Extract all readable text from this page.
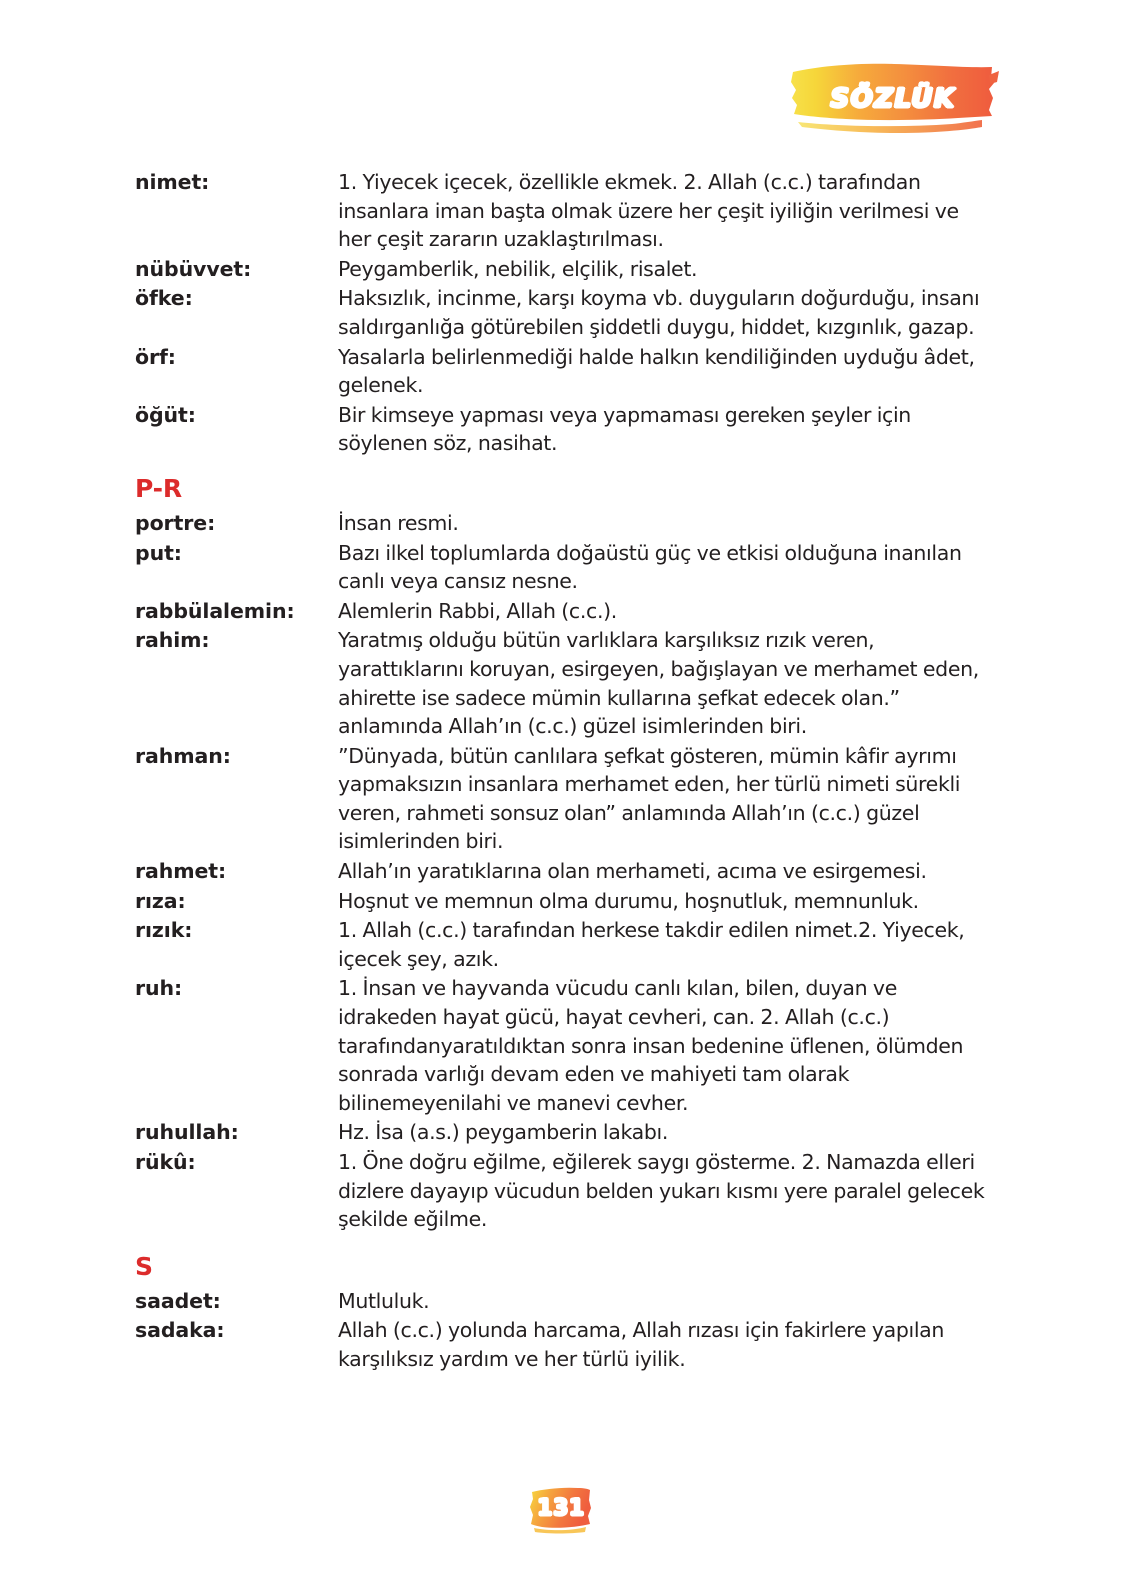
SÖZLÜK
nimet:	1. Yiyecek içecek, özellikle ekmek. 2. Allah (c.c.) tarafından insanlara iman başta olmak üzere her çeşit iyiliğin verilmesi ve her çeşit zararın uzaklaştırılması.
nübüvvet:	Peygamberlik, nebilik, elçilik, risalet.
öfke:	Haksızlık, incinme, karşı koyma vb. duyguların doğurduğu, insanı saldırganlığa götürebilen şiddetli duygu, hiddet, kızgınlık, gazap.
örf:	Yasalarla belirlenmediği halde halkın kendiliğinden uyduğu âdet, gelenek.
öğüt:	Bir kimseye yapması veya yapmaması gereken şeyler için söylenen söz, nasihat.
P-R
portre:	İnsan resmi.
put:	Bazı ilkel toplumlarda doğaüstü güç ve etkisi olduğuna inanılan canlı veya cansız nesne.
rabbülalemin:	Alemlerin Rabbi, Allah (c.c.).
rahim:	Yaratmış olduğu bütün varlıklara karşılıksız rızık veren, yarattıklarını koruyan, esirgeyen, bağışlayan ve merhamet eden, ahirette ise sadece mümin kullarına şefkat edecek olan.” anlamında Allah’ın (c.c.) güzel isimlerinden biri.
rahman:	”Dünyada, bütün canlılara şefkat gösteren, mümin kâfir ayrımı yapmaksızın insanlara merhamet eden, her türlü nimeti sürekli veren, rahmeti sonsuz olan” anlamında Allah’ın (c.c.) güzel isimlerinden biri.
rahmet:	Allah’ın yaratıklarına olan merhameti, acıma ve esirgemesi.
rıza:	Hoşnut ve memnun olma durumu, hoşnutluk, memnunluk.
rızık:	1. Allah (c.c.) tarafından herkese takdir edilen nimet.2. Yiyecek, içecek şey, azık.
ruh:	1. İnsan ve hayvanda vücudu canlı kılan, bilen, duyan ve idrakeden hayat gücü, hayat cevheri, can. 2. Allah (c.c.) tarafındanyaratıldıktan sonra insan bedenine üflenen, ölümden sonrada varlığı devam eden ve mahiyeti tam olarak bilinemeyenilahi ve manevi cevher.
ruhullah:	Hz. İsa (a.s.) peygamberin lakabı.
rükû:	1. Öne doğru eğilme, eğilerek saygı gösterme. 2. Namazda elleri dizlere dayayıp vücudun belden yukarı kısmı yere paralel gelecek şekilde eğilme.
S
saadet:	Mutluluk.
sadaka:	Allah (c.c.) yolunda harcama, Allah rızası için fakirlere yapılan karşılıksız yardım ve her türlü iyilik.
131
